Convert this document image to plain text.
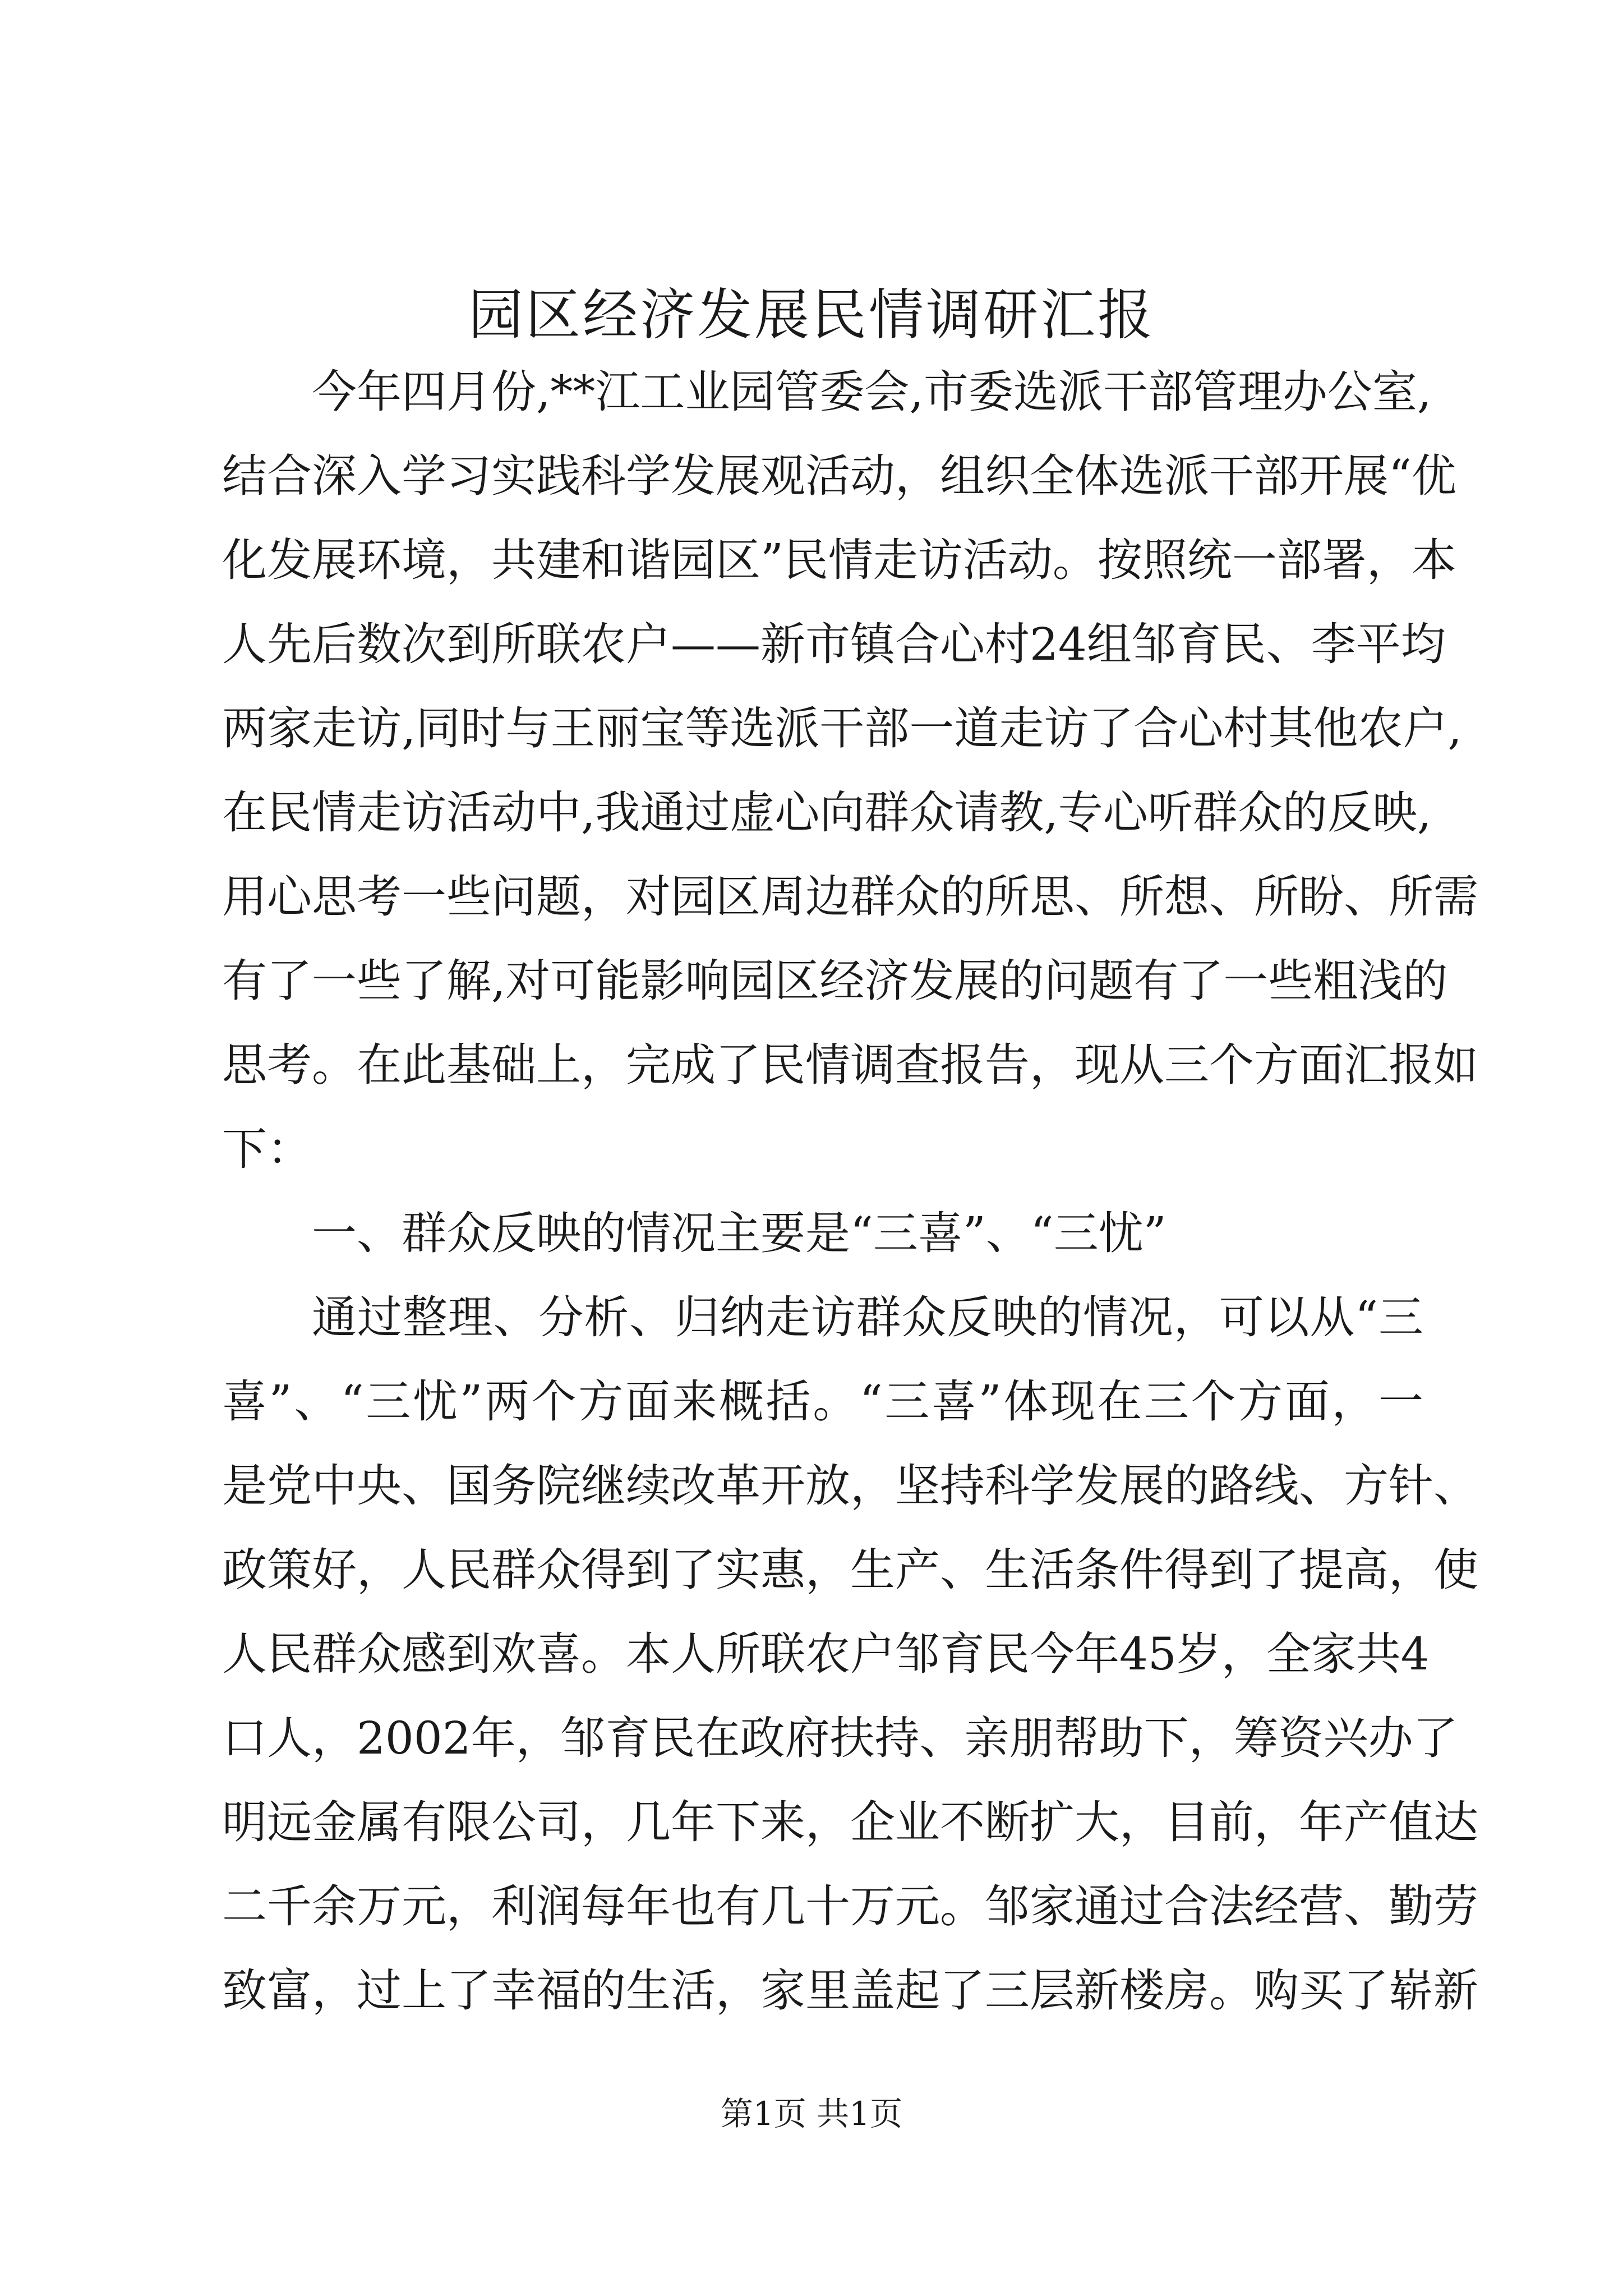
园区经济发展民情调研汇报
今年四月份,**江工业园管委会,市委选派干部管理办公室,
结合深入学习实践科学发展观活动，组织全体选派干部开展“优
化发展环境，共建和谐园区”民情走访活动。按照统一部署，本
人先后数次到所联农户——新市镇合心村24组邹育民、李平均
两家走访,同时与王丽宝等选派干部一道走访了合心村其他农户,
在民情走访活动中,我通过虚心向群众请教,专心听群众的反映,
用心思考一些问题，对园区周边群众的所思、所想、所盼、所需
有了一些了解,对可能影响园区经济发展的问题有了一些粗浅的
思考。在此基础上，完成了民情调查报告，现从三个方面汇报如
下：
一、群众反映的情况主要是“三喜”、“三忧”
通过整理、分析、归纳走访群众反映的情况，可以从“三
喜”、“三忧”两个方面来概括。“三喜”体现在三个方面，一
是党中央、国务院继续改革开放，坚持科学发展的路线、方针、
政策好，人民群众得到了实惠，生产、生活条件得到了提高，使
人民群众感到欢喜。本人所联农户邹育民今年45岁，全家共4
口人，2002年，邹育民在政府扶持、亲朋帮助下，筹资兴办了
明远金属有限公司，几年下来，企业不断扩大，目前，年产值达
二千余万元，利润每年也有几十万元。邹家通过合法经营、勤劳
致富，过上了幸福的生活，家里盖起了三层新楼房。购买了崭新
第1页 共1页
